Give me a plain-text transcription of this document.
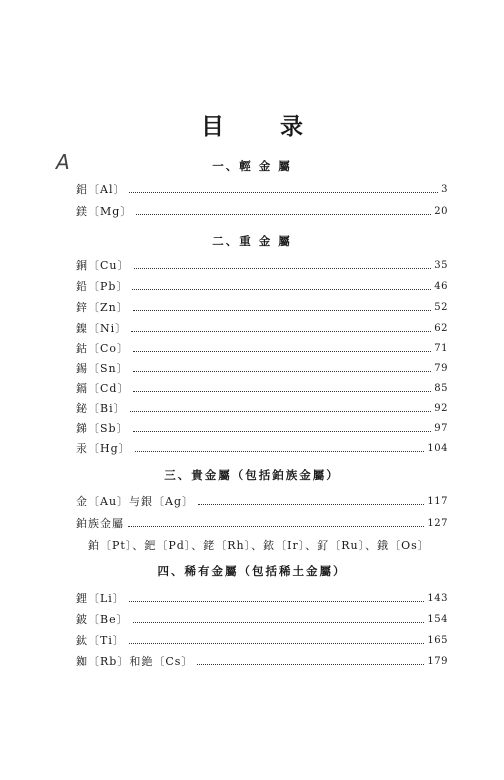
目 录
A	一、輕 金 屬
鋁〔Al〕	3
鎂〔Mg〕	20
二、重 金 屬
銅〔Cu〕	35
鉛〔Pb〕	46
鋅〔Zn〕	52
鎳〔Ni〕	62
鈷〔Co〕	71
錫〔Sn〕	79
鎘〔Cd〕	85
鉍〔Bi〕	92
銻〔Sb〕	97
汞〔Hg〕	104
三、貴金屬（包括鉑族金屬）
金〔Au〕与銀〔Ag〕	117
鉑族金屬	127
鉑〔Pt〕、鈀〔Pd〕、銠〔Rh〕、銥〔Ir〕、釕〔Ru〕、鋨〔Os〕
四、稀有金屬（包括稀土金屬）
鋰〔Li〕	143
鈹〔Be〕	154
鈦〔Ti〕	165
銣〔Rb〕和銫〔Cs〕	179
